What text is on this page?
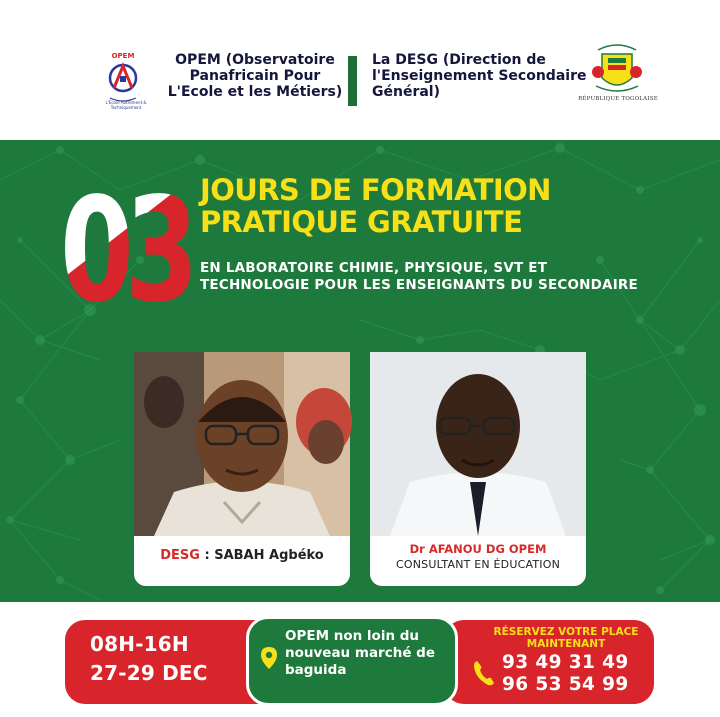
OPEM
L'École Autrement & Techniquement
OPEM (Observatoire Panafricain Pour L'Ecole et les Métiers)
La DESG (Direction de l'Enseignement Secondaire Général)	RÉPUBLIQUE TOGOLAISE
JOURS DE FORMATION
PRATIQUE GRATUITE
EN LABORATOIRE CHIMIE, PHYSIQUE, SVT ET TECHNOLOGIE POUR LES ENSEIGNANTS DU SECONDAIRE
DESG : SABAH Agbéko	Dr AFANOU DG OPEM
CONSULTANT EN ÉDUCATION
08H-16H
27-29 DEC
RÉSERVEZ VOTRE PLACE MAINTENANT
93 49 31 49
96 53 54 99
OPEM non loin du nouveau marché de baguida
